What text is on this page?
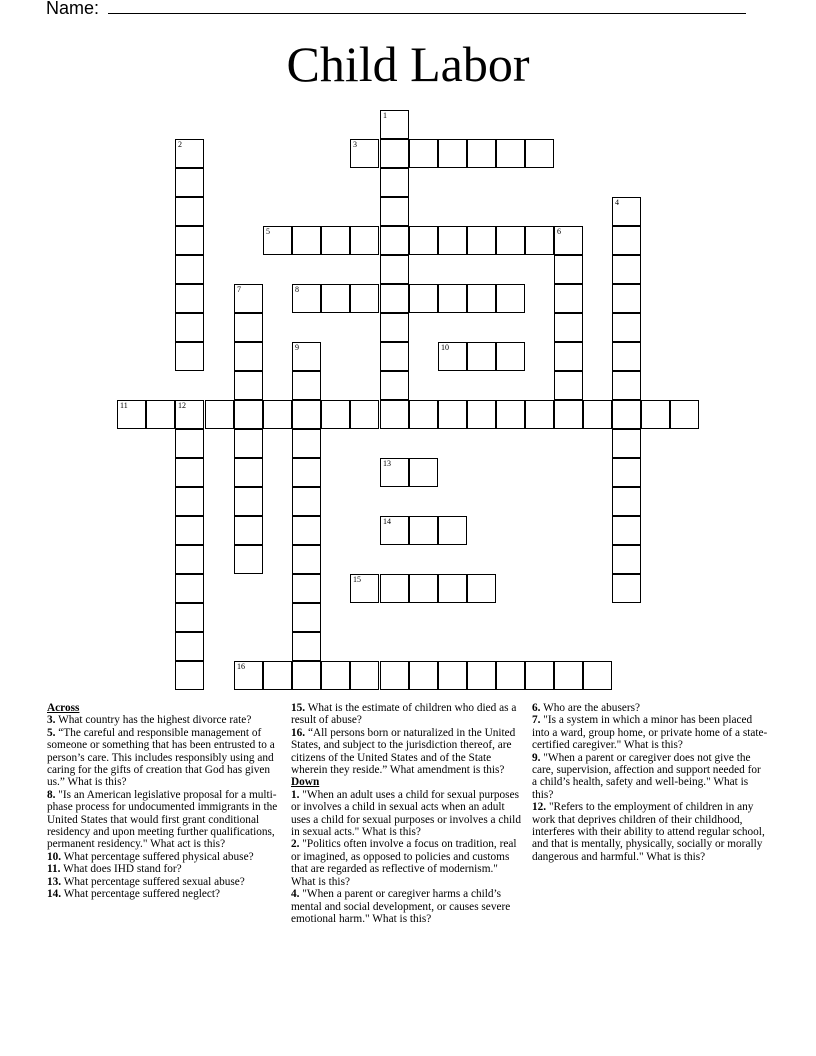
Name:
Child Labor
1
2	3
4
5	6
7	8
9	10
11	12
13
14
15
16

Across

3. What country has the highest divorce rate?

5. “The careful and responsible management of someone or something that has been entrusted to a person’s care. This includes responsibly using and caring for the gifts of creation that God has given us.” What is this?

8. "Is an American legislative proposal for a multi-phase process for undocumented immigrants in the United States that would first grant conditional residency and upon meeting further qualifications, permanent residency." What act is this?

10. What percentage suffered physical abuse?

11. What does IHD stand for?

13. What percentage suffered sexual abuse?

14. What percentage suffered neglect?

15. What is the estimate of children who died as a result of abuse?

16. “All persons born or naturalized in the United States, and subject to the jurisdiction thereof, are citizens of the United States and of the State wherein they reside.” What amendment is this?

Down

1. "When an adult uses a child for sexual purposes or involves a child in sexual acts when an adult uses a child for sexual purposes or involves a child in sexual acts." What is this?

2. "Politics often involve a focus on tradition, real or imagined, as opposed to policies and customs that are regarded as reflective of modernism." What is this?

4. "When a parent or caregiver harms a child’s mental and social development, or causes severe emotional harm." What is this?

6. Who are the abusers?

7. "Is a system in which a minor has been placed into a ward, group home, or private home of a state-certified caregiver." What is this?

9. "When a parent or caregiver does not give the care, supervision, affection and support needed for a child’s health, safety and well-being." What is this?

12. "Refers to the employment of children in any work that deprives children of their childhood, interferes with their ability to attend regular school, and that is mentally, physically, socially or morally dangerous and harmful." What is this?
